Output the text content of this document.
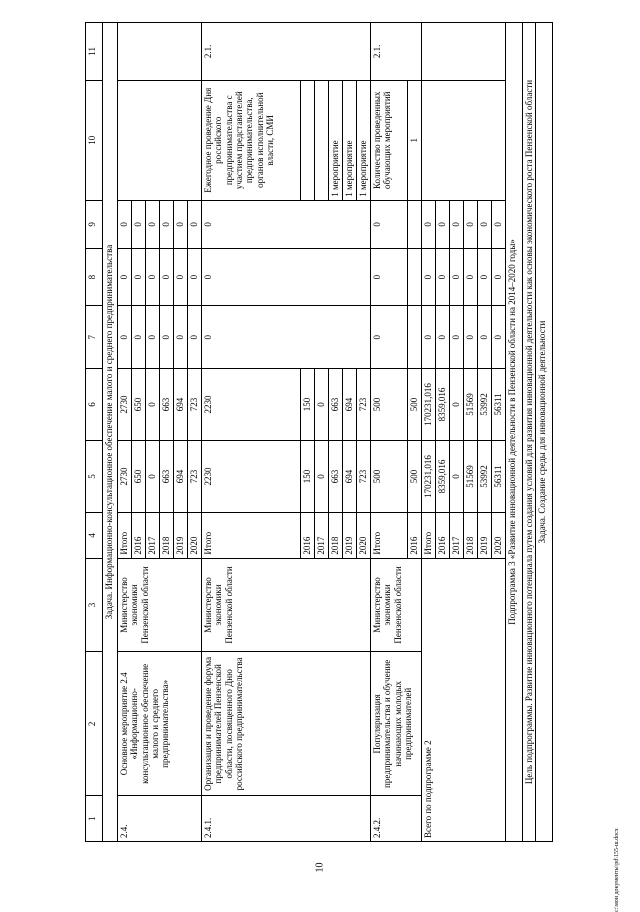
10	c:\мои документы\pd\155-ш.docx
1	2	3	4	5	6	7	8	9	10	11
Задача. Информационно-консультационное обеспечение малого и среднего предпринимательства										
2.4.	Основное мероприятие 2.4 «Информационно-консультационное обеспечение малого и среднего предпринимательства»	Министерство экономики Пензенской области	Итого	2730	2730	0	0	0		
			2016	650	650	0	0	0		
			2017	0	0	0	0	0		
			2018	663	663	0	0	0		
			2019	694	694	0	0	0		
			2020	723	723	0	0	0		
2.4.1.	Организация и проведение форума предпринимателей Пензенской области, посвященного Дню российского предпринимательства	Министерство экономики Пензенской области	Итого	2230	2230	0	0	0	Ежегодное проведение Дня российского предпринимательства с участием представителей предпринимательства, органов исполнительной власти, СМИ	2.1.
			2016	150	150					
			2017	0	0					
			2018	663	663				1 мероприятие	
			2019	694	694				1 мероприятие	
			2020	723	723				1 мероприятие	
2.4.2.	Популяризация предпринимательства и обучение начинающих молодых предпринимателей	Министерство экономики Пензенской области	Итого	500	500	0	0	0	Количество проведенных обучающих мероприятий	2.1.
			2016	500	500				1	
Всего по подпрограмме 2			Итого	170231,016	170231,016	0	0	0		
			2016	8359,016	8359,016	0	0	0		
			2017	0	0	0	0	0		
			2018	51569	51569	0	0	0		
			2019	53992	53992	0	0	0		
			2020	56311	56311	0	0	0		
Подпрограмма 3 «Развитие инновационной деятельности в Пензенской области на 2014–2020 годы»										
Цель подпрограммы. Развитие инновационного потенциала путем создания условий для развития инновационной деятельности как основы экономического роста Пензенской области										
Задача. Создание среды для инновационной деятельности										
